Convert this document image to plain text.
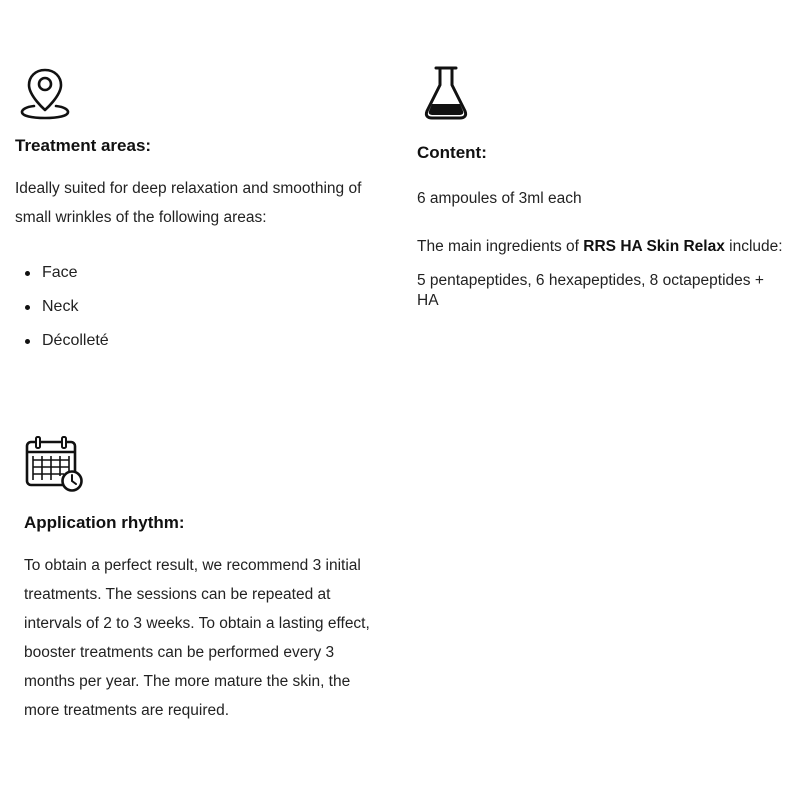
Treatment areas:

Ideally suited for deep relaxation and smoothing of
small wrinkles of the following areas:

Face
Neck
Décolleté
Content:

6 ampoules of 3ml each

The main ingredients of RRS HA Skin Relax include:

5 pentapeptides, 6 hexapeptides, 8 octapeptides +
HA

Application rhythm:

To obtain a perfect result, we recommend 3 initial
treatments. The sessions can be repeated at
intervals of 2 to 3 weeks. To obtain a lasting effect,
booster treatments can be performed every 3
months per year. The more mature the skin, the
more treatments are required.
